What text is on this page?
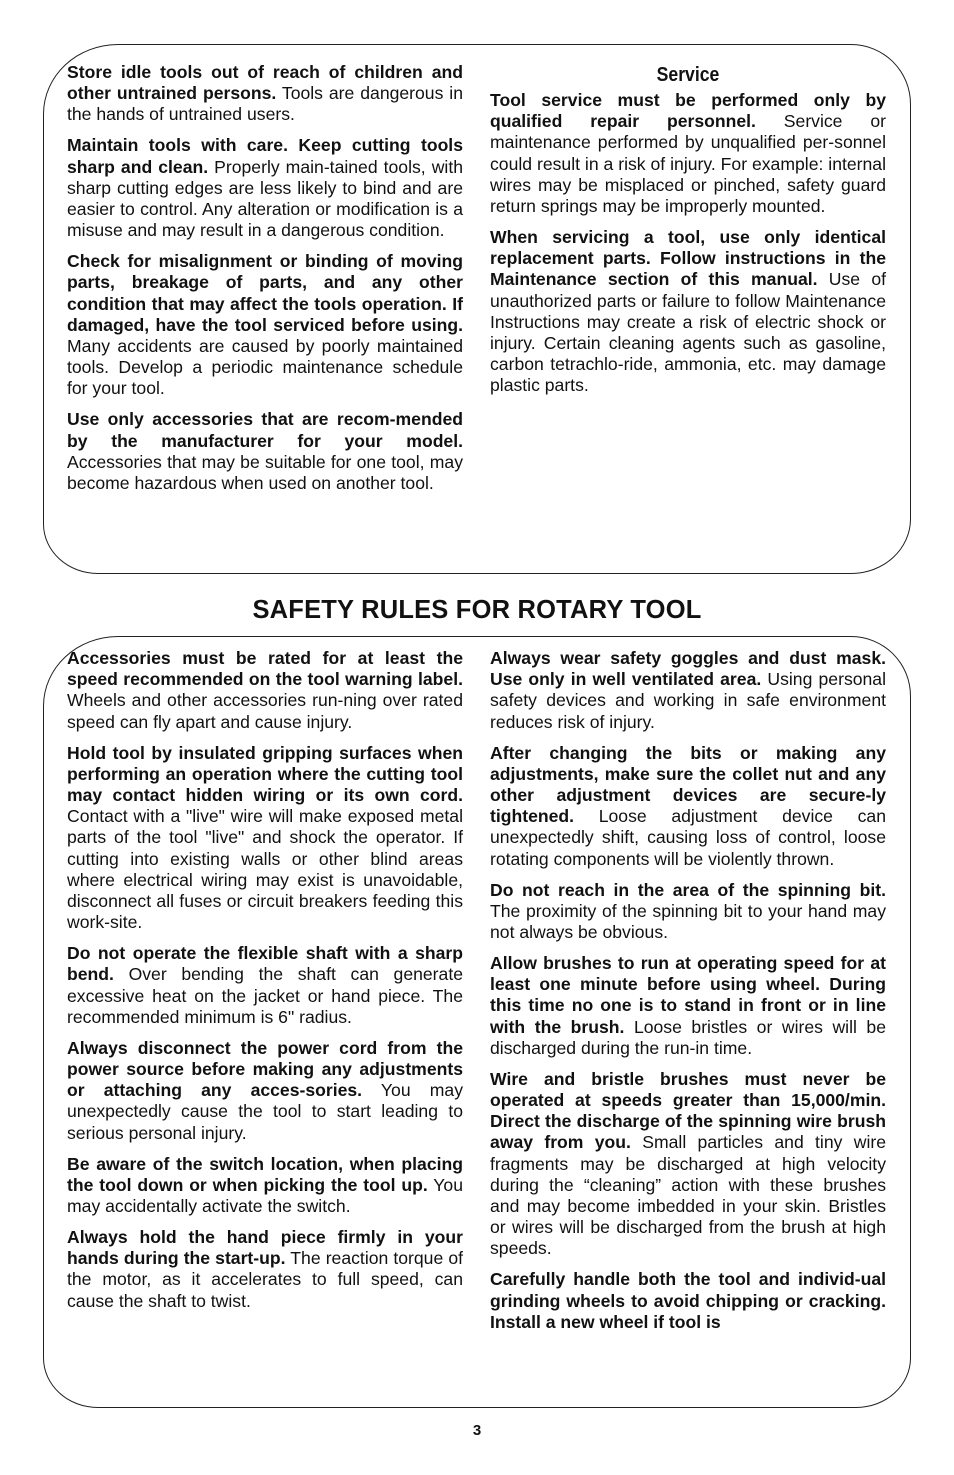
Store idle tools out of reach of children and other untrained persons. Tools are dangerous in the hands of untrained users.

Maintain tools with care. Keep cutting tools sharp and clean. Properly main-tained tools, with sharp cutting edges are less likely to bind and are easier to control. Any alteration or modification is a misuse and may result in a dangerous condition.

Check for misalignment or binding of moving parts, breakage of parts, and any other condition that may affect the tools operation. If damaged, have the tool serviced before using. Many accidents are caused by poorly maintained tools. Develop a periodic maintenance schedule for your tool.

Use only accessories that are recom-mended by the manufacturer for your model. Accessories that may be suitable for one tool, may become hazardous when used on another tool.

Service

Tool service must be performed only by qualified repair personnel. Service or maintenance performed by unqualified per-sonnel could result in a risk of injury. For example: internal wires may be misplaced or pinched, safety guard return springs may be improperly mounted.

When servicing a tool, use only identical replacement parts. Follow instructions in the Maintenance section of this manual. Use of unauthorized parts or failure to follow Maintenance Instructions may create a risk of electric shock or injury. Certain cleaning agents such as gasoline, carbon tetrachlo-ride, ammonia, etc. may damage plastic parts.

SAFETY RULES FOR ROTARY TOOL

Accessories must be rated for at least the speed recommended on the tool warning label. Wheels and other accessories run-ning over rated speed can fly apart and cause injury.

Hold tool by insulated gripping surfaces when performing an operation where the cutting tool may contact hidden wiring or its own cord. Contact with a "live" wire will make exposed metal parts of the tool "live" and shock the operator. If cutting into existing walls or other blind areas where electrical wiring may exist is unavoidable, disconnect all fuses or circuit breakers feeding this work-site.

Do not operate the flexible shaft with a sharp bend. Over bending the shaft can generate excessive heat on the jacket or hand piece. The recommended minimum is 6" radius.

Always disconnect the power cord from the power source before making any adjustments or attaching any acces-sories. You may unexpectedly cause the tool to start leading to serious personal injury.

Be aware of the switch location, when placing the tool down or when picking the tool up. You may accidentally activate the switch.

Always hold the hand piece firmly in your hands during the start-up. The reaction torque of the motor, as it accelerates to full speed, can cause the shaft to twist.

Always wear safety goggles and dust mask. Use only in well ventilated area. Using personal safety devices and working in safe environment reduces risk of injury.

After changing the bits or making any adjustments, make sure the collet nut and any other adjustment devices are secure-ly tightened. Loose adjustment device can unexpectedly shift, causing loss of control, loose rotating components will be violently thrown.

Do not reach in the area of the spinning bit. The proximity of the spinning bit to your hand may not always be obvious.

Allow brushes to run at operating speed for at least one minute before using wheel. During this time no one is to stand in front or in line with the brush. Loose bristles or wires will be discharged during the run-in time.

Wire and bristle brushes must never be operated at speeds greater than 15,000/min. Direct the discharge of the spinning wire brush away from you. Small particles and tiny wire fragments may be discharged at high velocity during the “cleaning” action with these brushes and may become imbedded in your skin. Bristles or wires will be discharged from the brush at high speeds.

Carefully handle both the tool and individ-ual grinding wheels to avoid chipping or cracking. Install a new wheel if tool is

3
